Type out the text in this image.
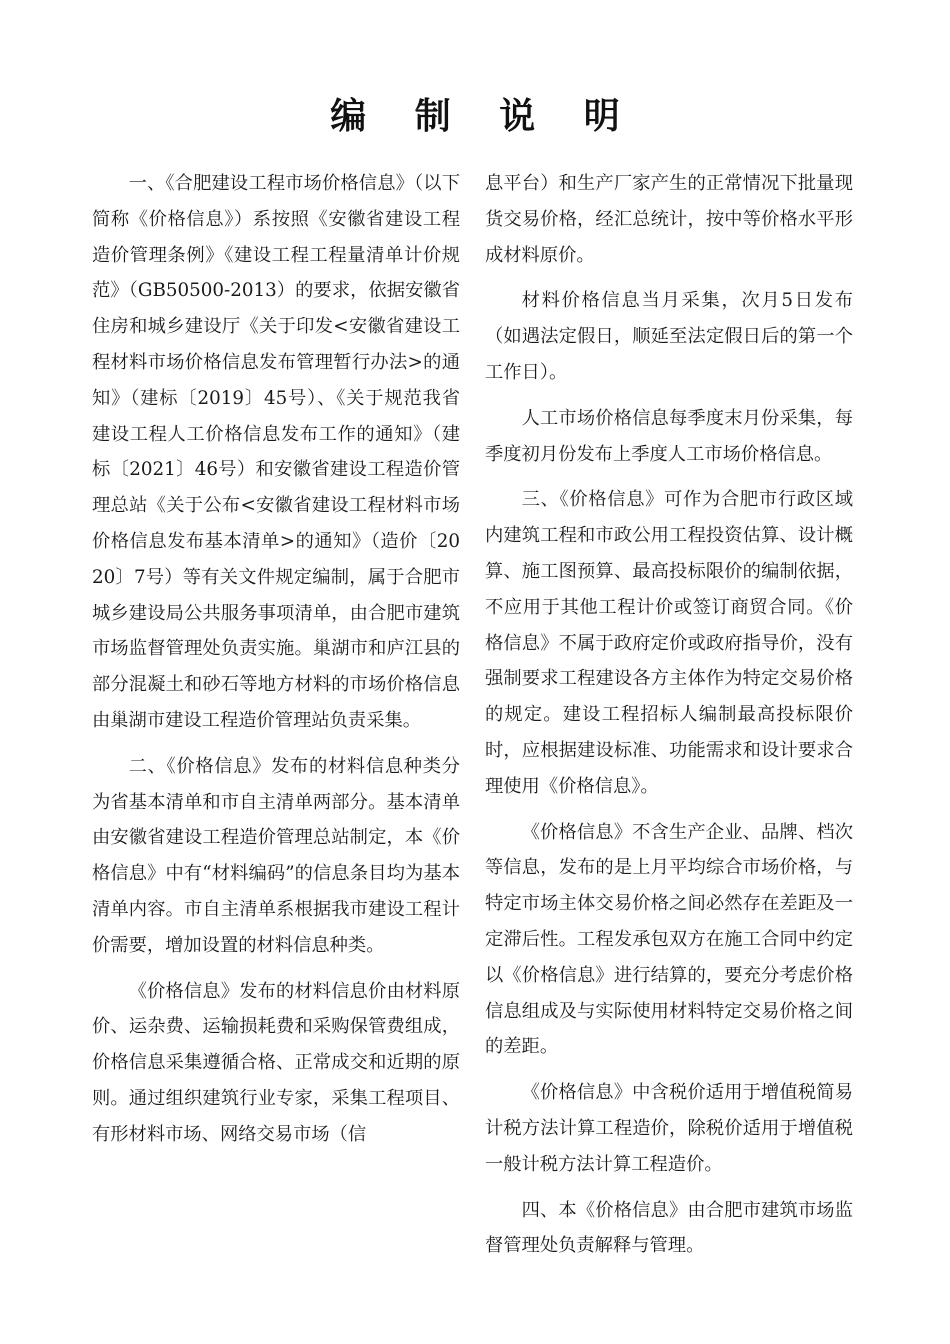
编 制 说 明

一、《合肥建设工程市场价格信息》（以下简称《价格信息》）系按照《安徽省建设工程造价管理条例》《建设工程工程量清单计价规范》（GB50500-2013）的要求，依据安徽省住房和城乡建设厅《关于印发<安徽省建设工程材料市场价格信息发布管理暂行办法>的通知》（建标〔2019〕45号）、《关于规范我省建设工程人工价格信息发布工作的通知》（建标〔2021〕46号）和安徽省建设工程造价管理总站《关于公布<安徽省建设工程材料市场价格信息发布基本清单>的通知》（造价〔2020〕7号）等有关文件规定编制，属于合肥市城乡建设局公共服务事项清单，由合肥市建筑市场监督管理处负责实施。巢湖市和庐江县的部分混凝土和砂石等地方材料的市场价格信息由巢湖市建设工程造价管理站负责采集。

二、《价格信息》发布的材料信息种类分为省基本清单和市自主清单两部分。基本清单由安徽省建设工程造价管理总站制定，本《价格信息》中有“材料编码”的信息条目均为基本清单内容。市自主清单系根据我市建设工程计价需要，增加设置的材料信息种类。

《价格信息》发布的材料信息价由材料原价、运杂费、运输损耗费和采购保管费组成，价格信息采集遵循合格、正常成交和近期的原则。通过组织建筑行业专家，采集工程项目、有形材料市场、网络交易市场（信

息平台）和生产厂家产生的正常情况下批量现货交易价格，经汇总统计，按中等价格水平形成材料原价。

材料价格信息当月采集，次月5日发布（如遇法定假日，顺延至法定假日后的第一个工作日）。

人工市场价格信息每季度末月份采集，每季度初月份发布上季度人工市场价格信息。

三、《价格信息》可作为合肥市行政区域内建筑工程和市政公用工程投资估算、设计概算、施工图预算、最高投标限价的编制依据，不应用于其他工程计价或签订商贸合同。《价格信息》不属于政府定价或政府指导价，没有强制要求工程建设各方主体作为特定交易价格的规定。建设工程招标人编制最高投标限价时，应根据建设标准、功能需求和设计要求合理使用《价格信息》。

《价格信息》不含生产企业、品牌、档次等信息，发布的是上月平均综合市场价格，与特定市场主体交易价格之间必然存在差距及一定滞后性。工程发承包双方在施工合同中约定以《价格信息》进行结算的，要充分考虑价格信息组成及与实际使用材料特定交易价格之间的差距。

《价格信息》中含税价适用于增值税简易计税方法计算工程造价，除税价适用于增值税一般计税方法计算工程造价。

四、本《价格信息》由合肥市建筑市场监督管理处负责解释与管理。
